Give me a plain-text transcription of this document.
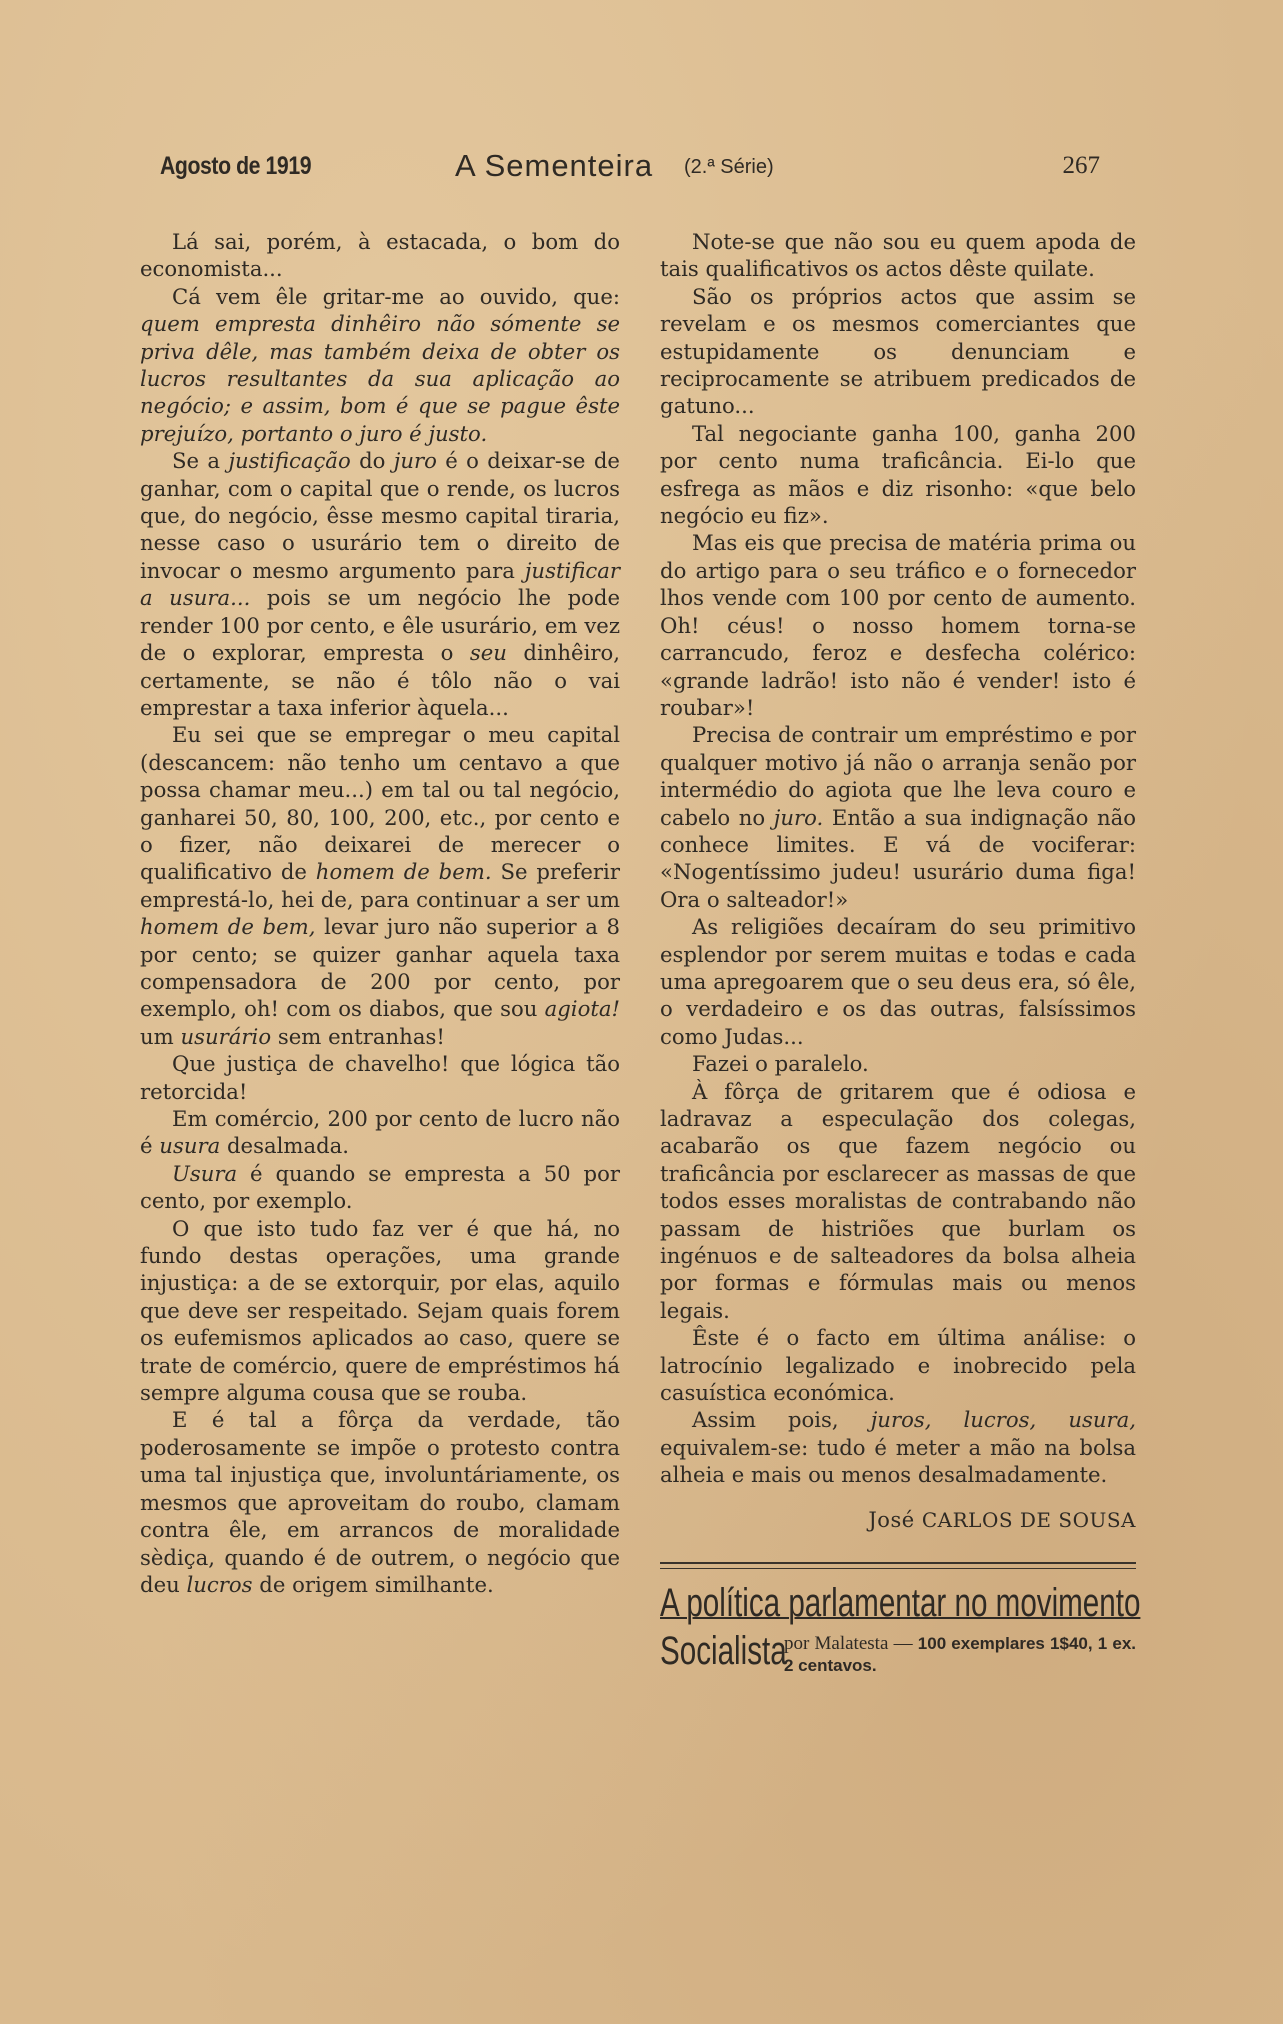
Agosto de 1919	A Sementeira (2.ª Série)	267

Lá sai, porém, à estacada, o bom do economista...

Cá vem êle gritar-me ao ouvido, que: quem empresta dinhêiro não sómente se priva dêle, mas também deixa de obter os lucros resultantes da sua aplicação ao negócio; e assim, bom é que se pague êste prejuízo, portanto o juro é justo.

Se a justificação do juro é o deixar-se de ganhar, com o capital que o rende, os lucros que, do negócio, êsse mesmo capital tiraria, nesse caso o usurário tem o direito de invocar o mesmo argumento para justificar a usura... pois se um negócio lhe pode render 100 por cento, e êle usurário, em vez de o explorar, empresta o seu dinhêiro, certamente, se não é tôlo não o vai emprestar a taxa inferior àquela...

Eu sei que se empregar o meu capital (descancem: não tenho um centavo a que possa chamar meu...) em tal ou tal negócio, ganharei 50, 80, 100, 200, etc., por cento e o fizer, não deixarei de merecer o qualificativo de homem de bem. Se preferir emprestá-lo, hei de, para continuar a ser um homem de bem, levar juro não superior a 8 por cento; se quizer ganhar aquela taxa compensadora de 200 por cento, por exemplo, oh! com os diabos, que sou agiota! um usurário sem entranhas!

Que justiça de chavelho! que lógica tão retorcida!

Em comércio, 200 por cento de lucro não é usura desalmada.

Usura é quando se empresta a 50 por cento, por exemplo.

O que isto tudo faz ver é que há, no fundo destas operações, uma grande injustiça: a de se extorquir, por elas, aquilo que deve ser respeitado. Sejam quais forem os eufemismos aplicados ao caso, quere se trate de comércio, quere de empréstimos há sempre alguma cousa que se rouba.

E é tal a fôrça da verdade, tão poderosamente se impõe o protesto contra uma tal injustiça que, involuntáriamente, os mesmos que aproveitam do roubo, clamam contra êle, em arrancos de moralidade sèdiça, quando é de outrem, o negócio que deu lucros de origem similhante.

Note-se que não sou eu quem apoda de tais qualificativos os actos dêste quilate.

São os próprios actos que assim se revelam e os mesmos comerciantes que estupidamente os denunciam e reciprocamente se atribuem predicados de gatuno...

Tal negociante ganha 100, ganha 200 por cento numa traficância. Ei-lo que esfrega as mãos e diz risonho: «que belo negócio eu fiz».

Mas eis que precisa de matéria prima ou do artigo para o seu tráfico e o fornecedor lhos vende com 100 por cento de aumento. Oh! céus! o nosso homem torna-se carrancudo, feroz e desfecha colérico: «grande ladrão! isto não é vender! isto é roubar»!

Precisa de contrair um empréstimo e por qualquer motivo já não o arranja senão por intermédio do agiota que lhe leva couro e cabelo no juro. Então a sua indignação não conhece limites. E vá de vociferar: «Nogentíssimo judeu! usurário duma figa! Ora o salteador!»

As religiões decaíram do seu primitivo esplendor por serem muitas e todas e cada uma apregoarem que o seu deus era, só êle, o verdadeiro e os das outras, falsíssimos como Judas...

Fazei o paralelo.

À fôrça de gritarem que é odiosa e ladravaz a especulação dos colegas, acabarão os que fazem negócio ou traficância por esclarecer as massas de que todos esses moralistas de contrabando não passam de histriões que burlam os ingénuos e de salteadores da bolsa alheia por formas e fórmulas mais ou menos legais.

Êste é o facto em última análise: o latrocínio legalizado e inobrecido pela casuística económica.

Assim pois, juros, lucros, usura, equivalem-se: tudo é meter a mão na bolsa alheia e mais ou menos desalmadamente.

José CARLOS DE SOUSA
A política parlamentar no movimento
Socialista
por Malatesta — 100 exemplares 1$40, 1 ex. 2 centavos.
